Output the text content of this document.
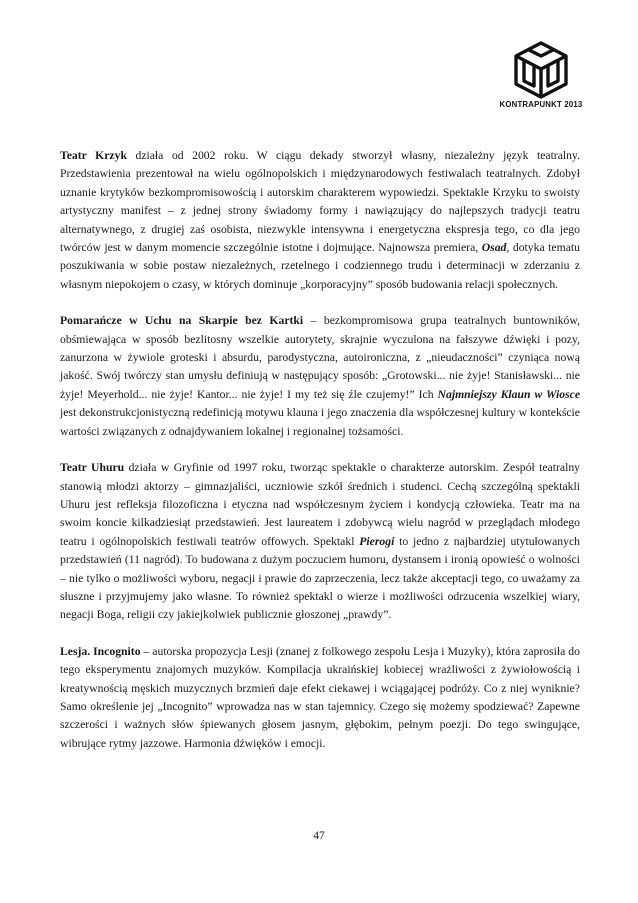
KONTRAPUNKT 2013

Teatr Krzyk działa od 2002 roku. W ciągu dekady stworzył własny, niezależny język teatralny. Przedstawienia prezentował na wielu ogólnopolskich i międzynarodowych festiwalach teatralnych. Zdobył uznanie krytyków bezkompromisowością i autorskim charakterem wypowiedzi. Spektakle Krzyku to swoisty artystyczny manifest – z jednej strony świadomy formy i nawiązujący do najlepszych tradycji teatru alternatywnego, z drugiej zaś osobista, niezwykle intensywna i energetyczna ekspresja tego, co dla jego twórców jest w danym momencie szczególnie istotne i dojmujące. Najnowsza premiera, Osad, dotyka tematu poszukiwania w sobie postaw niezależnych, rzetelnego i codziennego trudu i determinacji w zderzaniu z własnym niepokojem o czasy, w których dominuje „korporacyjny” sposób budowania relacji społecznych.

Pomarańcze w Uchu na Skarpie bez Kartki – bezkompromisowa grupa teatralnych buntowników, obśmiewająca w sposób bezlitosny wszelkie autorytety, skrajnie wyczulona na fałszywe dźwięki i pozy, zanurzona w żywiole groteski i absurdu, parodystyczna, autoironiczna, z „nieudaczności” czyniąca nową jakość. Swój twórczy stan umysłu definiują w następujący sposób: „Grotowski... nie żyje! Stanisławski... nie żyje! Meyerhold... nie żyje! Kantor... nie żyje! I my też się źle czujemy!” Ich Najmniejszy Klaun w Wiosce jest dekonstrukcjonistyczną redefinicją motywu klauna i jego znaczenia dla współczesnej kultury w kontekście wartości związanych z odnajdywaniem lokalnej i regionalnej tożsamości.

Teatr Uhuru działa w Gryfinie od 1997 roku, tworząc spektakle o charakterze autorskim. Zespół teatralny stanowią młodzi aktorzy – gimnazjaliści, uczniowie szkół średnich i studenci. Cechą szczególną spektakli Uhuru jest refleksja filozoficzna i etyczna nad współczesnym życiem i kondycją człowieka. Teatr ma na swoim koncie kilkadziesiąt przedstawień. Jest laureatem i zdobywcą wielu nagród w przeglądach młodego teatru i ogólnopolskich festiwali teatrów offowych. Spektakl Pierogi to jedno z najbardziej utytułowanych przedstawień (11 nagród). To budowana z dużym poczuciem humoru, dystansem i ironią opowieść o wolności – nie tylko o możliwości wyboru, negacji i prawie do zaprzeczenia, lecz także akceptacji tego, co uważamy za słuszne i przyjmujemy jako własne. To również spektakl o wierze i możliwości odrzucenia wszelkiej wiary, negacji Boga, religii czy jakiejkolwiek publicznie głoszonej „prawdy”.

Lesja. Incognito – autorska propozycja Lesji (znanej z folkowego zespołu Lesja i Muzyky), która zaprosiła do tego eksperymentu znajomych muzyków. Kompilacja ukraińskiej kobiecej wrażliwości z żywiołowością i kreatywnością męskich muzycznych brzmień daje efekt ciekawej i wciągającej podróży. Co z niej wyniknie? Samo określenie jej „Incognito” wprowadza nas w stan tajemnicy. Czego się możemy spodziewać? Zapewne szczerości i ważnych słów śpiewanych głosem jasnym, głębokim, pełnym poezji. Do tego swingujące, wibrujące rytmy jazzowe. Harmonia dźwięków i emocji.

47
